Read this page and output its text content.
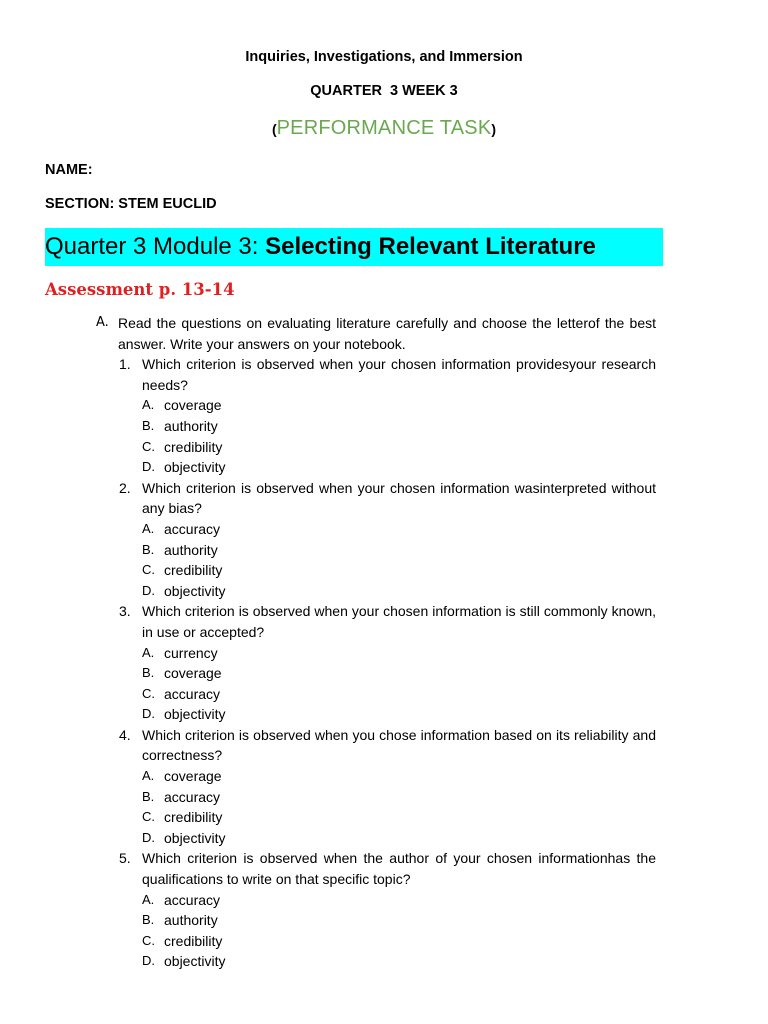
Inquiries, Investigations, and Immersion
QUARTER  3 WEEK 3
(PERFORMANCE TASK)
NAME:
SECTION: STEM EUCLID
Quarter 3 Module 3: Selecting Relevant Literature
Assessment p. 13-14
A. Read the questions on evaluating literature carefully and choose the letterof the best answer. Write your answers on your notebook.
1. Which criterion is observed when your chosen information providesyour research needs?
A. coverage
B. authority
C. credibility
D. objectivity
2. Which criterion is observed when your chosen information wasinterpreted without any bias?
A. accuracy
B. authority
C. credibility
D. objectivity
3. Which criterion is observed when your chosen information is still commonly known, in use or accepted?
A. currency
B. coverage
C. accuracy
D. objectivity
4. Which criterion is observed when you chose information based on its reliability and correctness?
A. coverage
B. accuracy
C. credibility
D. objectivity
5. Which criterion is observed when the author of your chosen informationhas the qualifications to write on that specific topic?
A. accuracy
B. authority
C. credibility
D. objectivity
